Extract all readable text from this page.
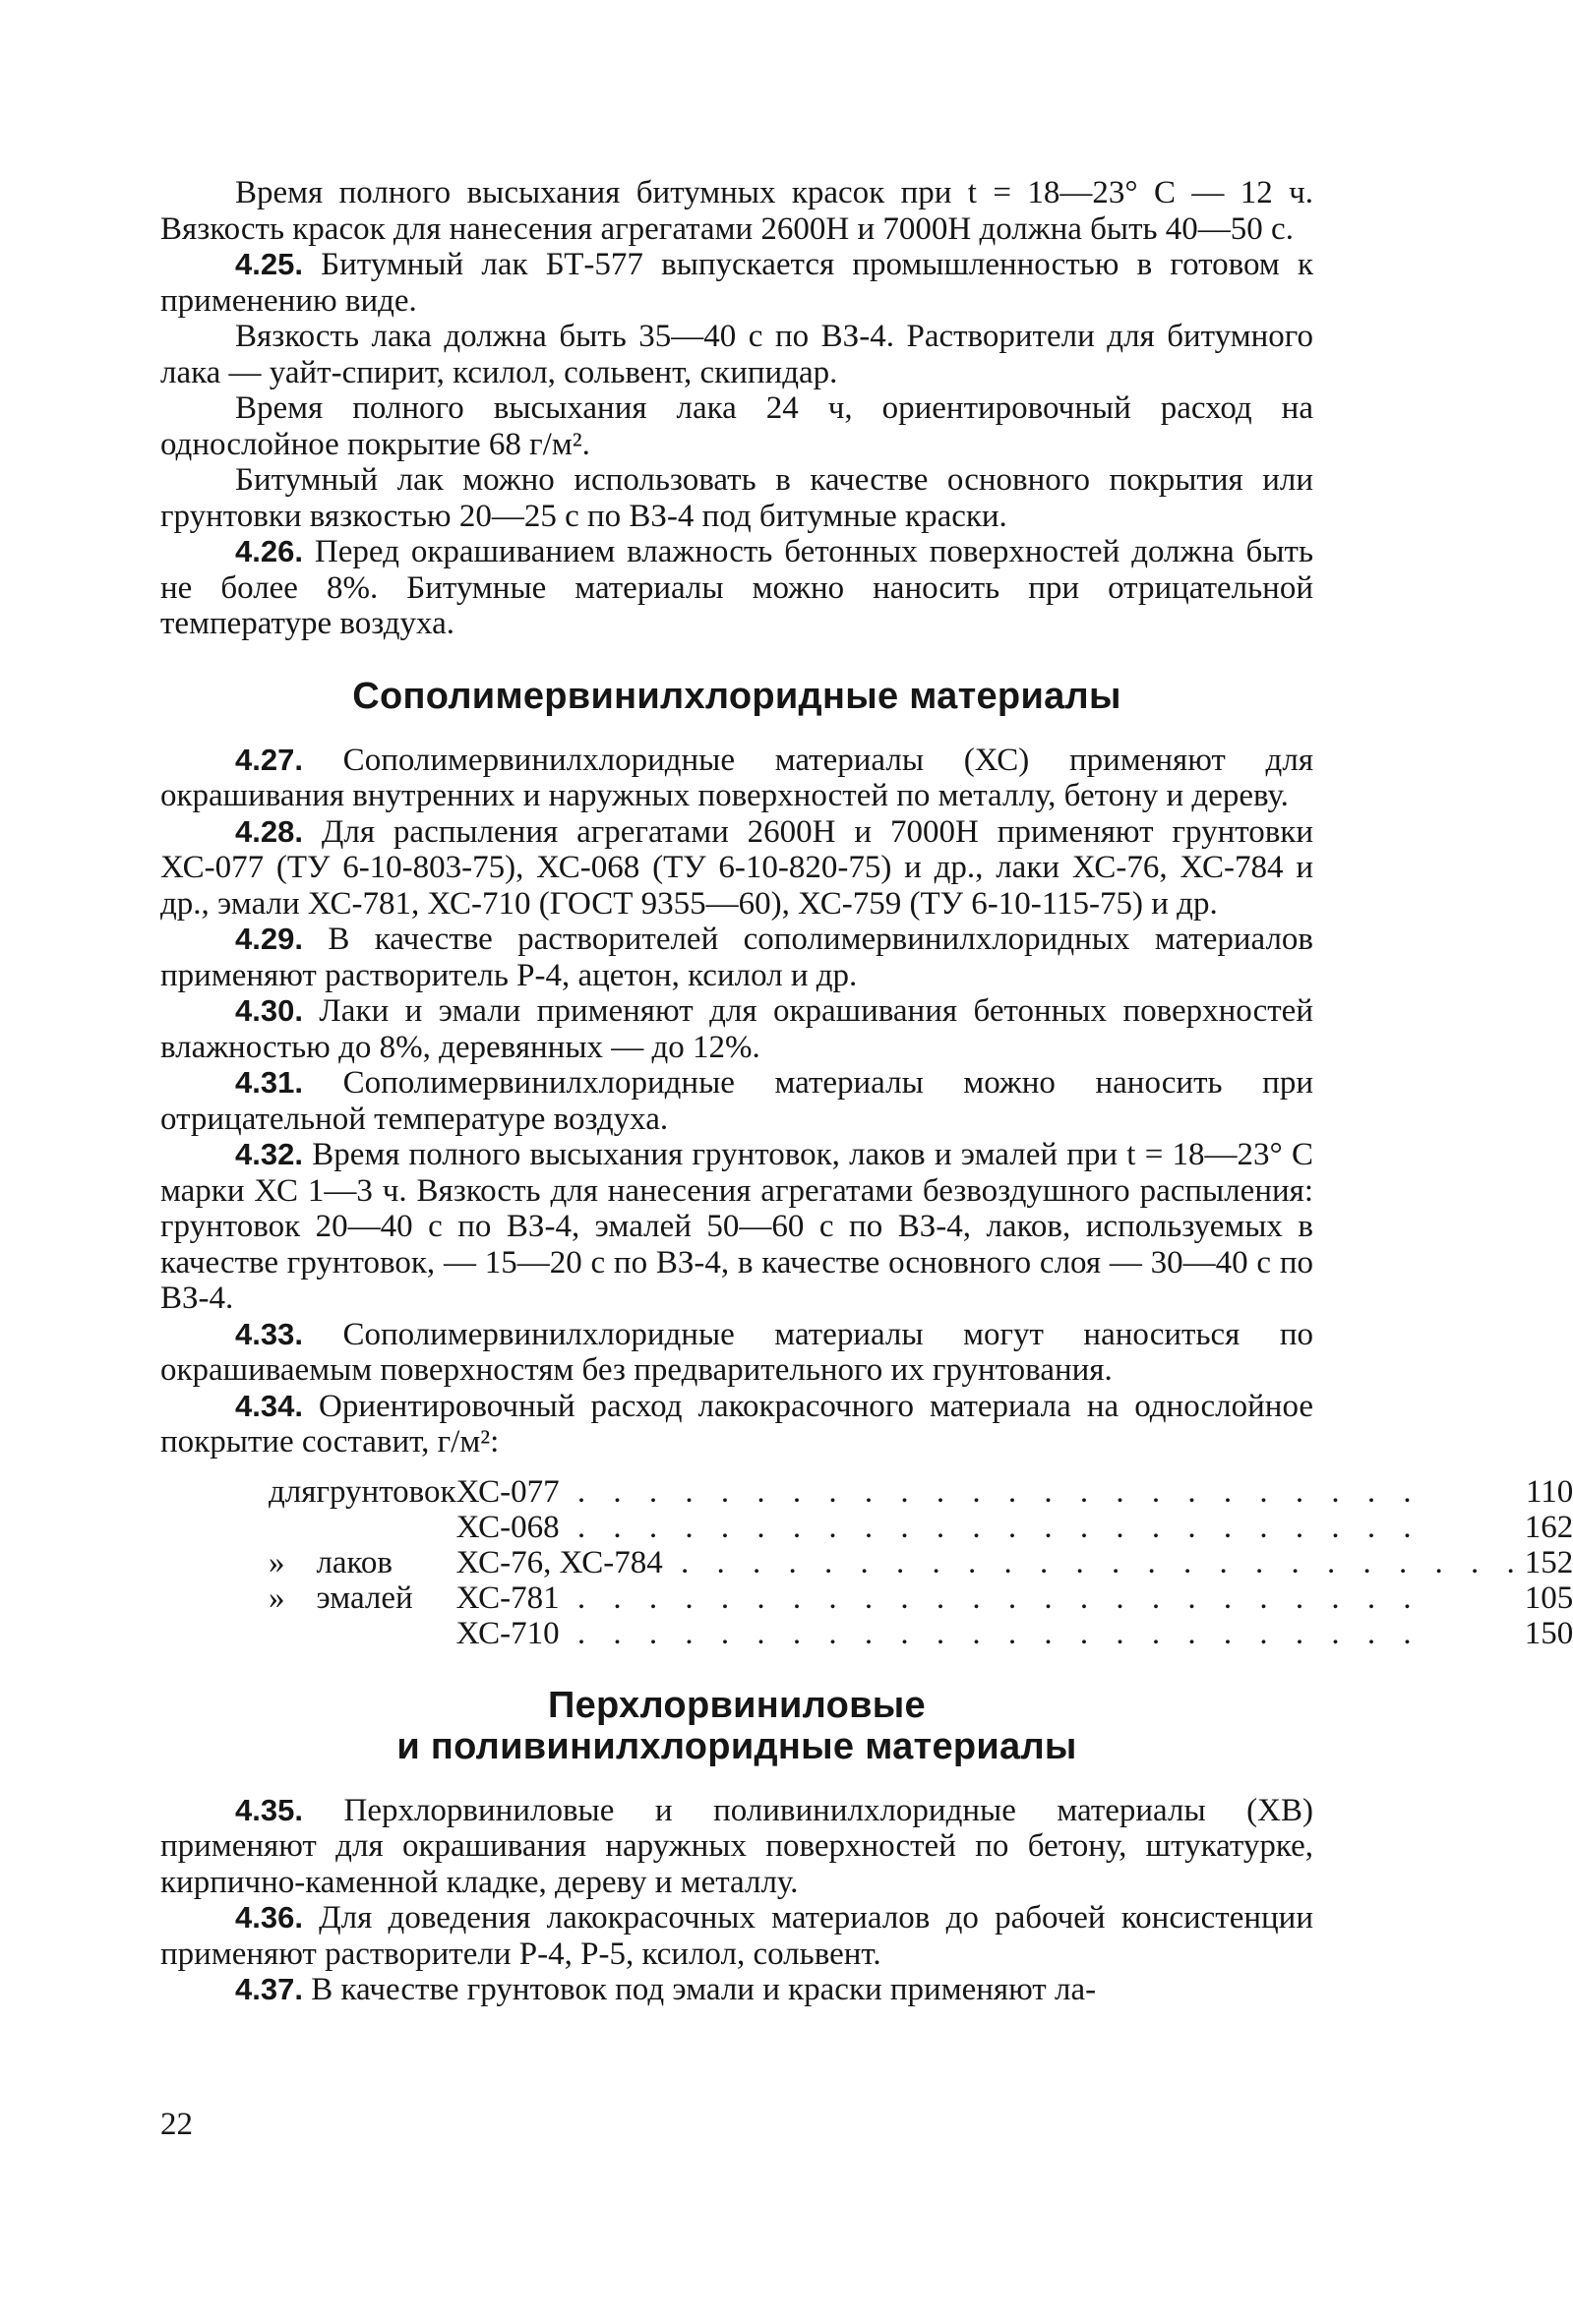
Время полного высыхания битумных красок при t = 18—23° С — 12 ч. Вязкость красок для нанесения агрегатами 2600Н и 7000Н должна быть 40—50 с.

4.25. Битумный лак БТ-577 выпускается промышленностью в готовом к применению виде.

Вязкость лака должна быть 35—40 с по ВЗ-4. Растворители для битумного лака — уайт-спирит, ксилол, сольвент, скипидар.

Время полного высыхания лака 24 ч, ориентировочный расход на однослойное покрытие 68 г/м².

Битумный лак можно использовать в качестве основного покрытия или грунтовки вязкостью 20—25 с по ВЗ-4 под битумные краски.

4.26. Перед окрашиванием влажность бетонных поверхностей должна быть не более 8%. Битумные материалы можно наносить при отрицательной температуре воздуха.

Сополимервинилхлоридные материалы

4.27. Сополимервинилхлоридные материалы (ХС) применяют для окрашивания внутренних и наружных поверхностей по металлу, бетону и дереву.

4.28. Для распыления агрегатами 2600Н и 7000Н применяют грунтовки ХС-077 (ТУ 6-10-803-75), ХС-068 (ТУ 6-10-820-75) и др., лаки ХС-76, ХС-784 и др., эмали ХС-781, ХС-710 (ГОСТ 9355—60), ХС-759 (ТУ 6-10-115-75) и др.

4.29. В качестве растворителей сополимервинилхлоридных материалов применяют растворитель Р-4, ацетон, ксилол и др.

4.30. Лаки и эмали применяют для окрашивания бетонных поверхностей влажностью до 8%, деревянных — до 12%.

4.31. Сополимервинилхлоридные материалы можно наносить при отрицательной температуре воздуха.

4.32. Время полного высыхания грунтовок, лаков и эмалей при t = 18—23° С марки ХС 1—3 ч. Вязкость для нанесения агрегатами безвоздушного распыления: грунтовок 20—40 с по ВЗ-4, эмалей 50—60 с по ВЗ-4, лаков, используемых в качестве грунтовок, — 15—20 с по ВЗ-4, в качестве основного слоя — 30—40 с по ВЗ-4.

4.33. Сополимервинилхлоридные материалы могут наноситься по окрашиваемым поверхностям без предварительного их грунтования.

4.34. Ориентировочный расход лакокрасочного материала на однослойное покрытие составит, г/м²:

для	грунтовок	ХС-077 . . . . . . . . . . . . . . . . . . . . . . . .	110
		ХС-068 . . . . . . . . . . . . . . . . . . . . . . . .	162
»	лаков	ХС-76, ХС-784 . . . . . . . . . . . . . . . . . . . . . . . .	152
»	эмалей	ХС-781 . . . . . . . . . . . . . . . . . . . . . . . .	105
		ХС-710 . . . . . . . . . . . . . . . . . . . . . . . .	150
Перхлорвиниловые
и поливинилхлоридные материалы

4.35. Перхлорвиниловые и поливинилхлоридные материалы (ХВ) применяют для окрашивания наружных поверхностей по бетону, штукатурке, кирпично-каменной кладке, дереву и металлу.

4.36. Для доведения лакокрасочных материалов до рабочей консистенции применяют растворители Р-4, Р-5, ксилол, сольвент.

4.37. В качестве грунтовок под эмали и краски применяют ла-

22
